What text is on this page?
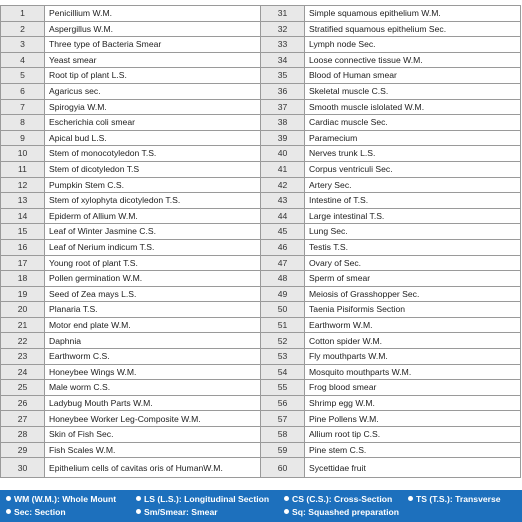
1	Penicillium W.M.	31	Simple squamous epithelium W.M.
2	Aspergillus W.M.	32	Stratified squamous epithelium Sec.
3	Three type of Bacteria Smear	33	Lymph node Sec.
4	Yeast smear	34	Loose connective tissue W.M.
5	Root tip of plant L.S.	35	Blood of Human smear
6	Agaricus sec.	36	Skeletal muscle C.S.
7	Spirogyia W.M.	37	Smooth muscle islolated W.M.
8	Escherichia coli smear	38	Cardiac muscle Sec.
9	Apical bud L.S.	39	Paramecium
10	Stem of monocotyledon T.S.	40	Nerves trunk L.S.
11	Stem of dicotyledon T.S	41	Corpus ventriculi Sec.
12	Pumpkin Stem C.S.	42	Artery Sec.
13	Stem of xylophyta dicotyledon T.S.	43	Intestine of T.S.
14	Epiderm of Allium W.M.	44	Large intestinal T.S.
15	Leaf of Winter Jasmine C.S.	45	Lung Sec.
16	Leaf of Nerium indicum T.S.	46	Testis T.S.
17	Young root of plant T.S.	47	Ovary of Sec.
18	Pollen germination W.M.	48	Sperm of smear
19	Seed of Zea mays L.S.	49	Meiosis of Grasshopper Sec.
20	Planaria T.S.	50	Taenia Pisiformis Section
21	Motor end plate W.M.	51	Earthworm W.M.
22	Daphnia	52	Cotton spider W.M.
23	Earthworm C.S.	53	Fly mouthparts W.M.
24	Honeybee Wings W.M.	54	Mosquito mouthparts W.M.
25	Male worm C.S.	55	Frog blood smear
26	Ladybug Mouth Parts W.M.	56	Shrimp egg W.M.
27	Honeybee Worker Leg-Composite W.M.	57	Pine Pollens W.M.
28	Skin of Fish Sec.	58	Allium root tip C.S.
29	Fish Scales W.M.	59	Pine stem C.S.
30	Epithelium cells of cavitas oris of HumanW.M.	60	Sycettidae fruit
WM (W.M.): Whole Mount	LS (L.S.): Longitudinal Section	CS (C.S.): Cross-Section	TS (T.S.): Transverse
Sec: Section	Sm/Smear: Smear	Sq: Squashed preparation
